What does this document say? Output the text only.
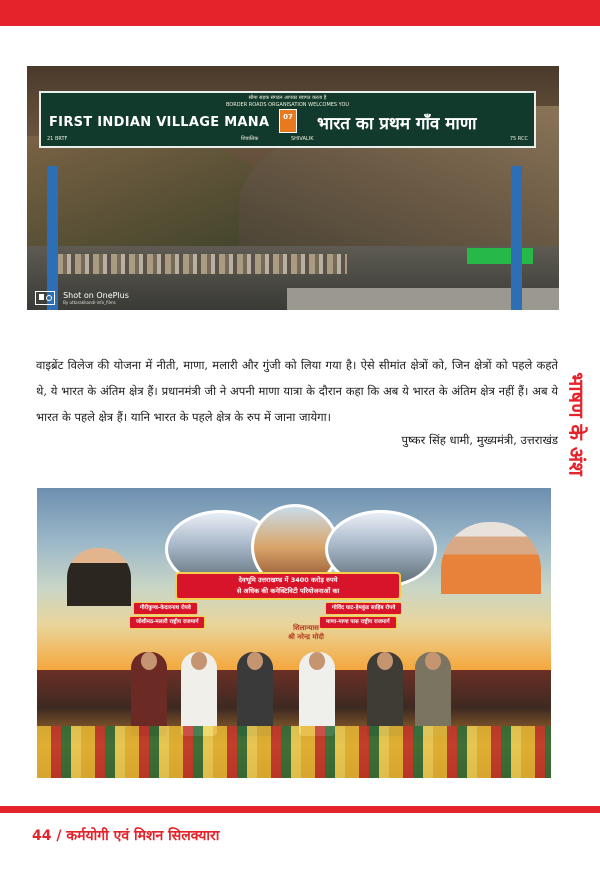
सीमा सड़क संगठन आपका स्वागत करता है
BORDER ROADS ORGANISATION WELCOMES YOU
FIRST INDIAN VILLAGE MANA	07 भारत का प्रथम गाँव माणा
शिवालिक	SHIVALIK
21 BRTF	75 RCC
Shot on OnePlus
By uttarakhandi-info_films

वाइब्रेंट विलेज की योजना में नीती, माणा, मलारी और गुंजी को लिया गया है। ऐसे सीमांत क्षेत्रों को, जिन क्षेत्रों को पहले कहते थे, ये भारत के अंतिम क्षेत्र हैं। प्रधानमंत्री जी ने अपनी माणा यात्रा के दौरान कहा कि अब ये भारत के अंतिम क्षेत्र नहीं हैं। अब ये भारत के पहले क्षेत्र हैं। यानि भारत के पहले क्षेत्र के रुप में जाना जायेगा।

पुष्कर सिंह धामी, मुख्यमंत्री, उत्तराखंड भाषण के अंश
देवभूमि उत्तराखण्ड में 3400 करोड़ रुपये
से अधिक की कनेक्टिविटी परियोजनाओं का
गौरीकुण्ड-केदारनाथ रोपवे	गोविंद घाट-हेमकुंड साहिब रोपवे
जोशीमठ-मलारी राष्ट्रीय राजमार्ग	माणा-माणा पास राष्ट्रीय राजमार्ग
शिलान्यास
श्री नरेन्द्र मोदी
44 / कर्मयोगी एवं मिशन सिलक्यारा
